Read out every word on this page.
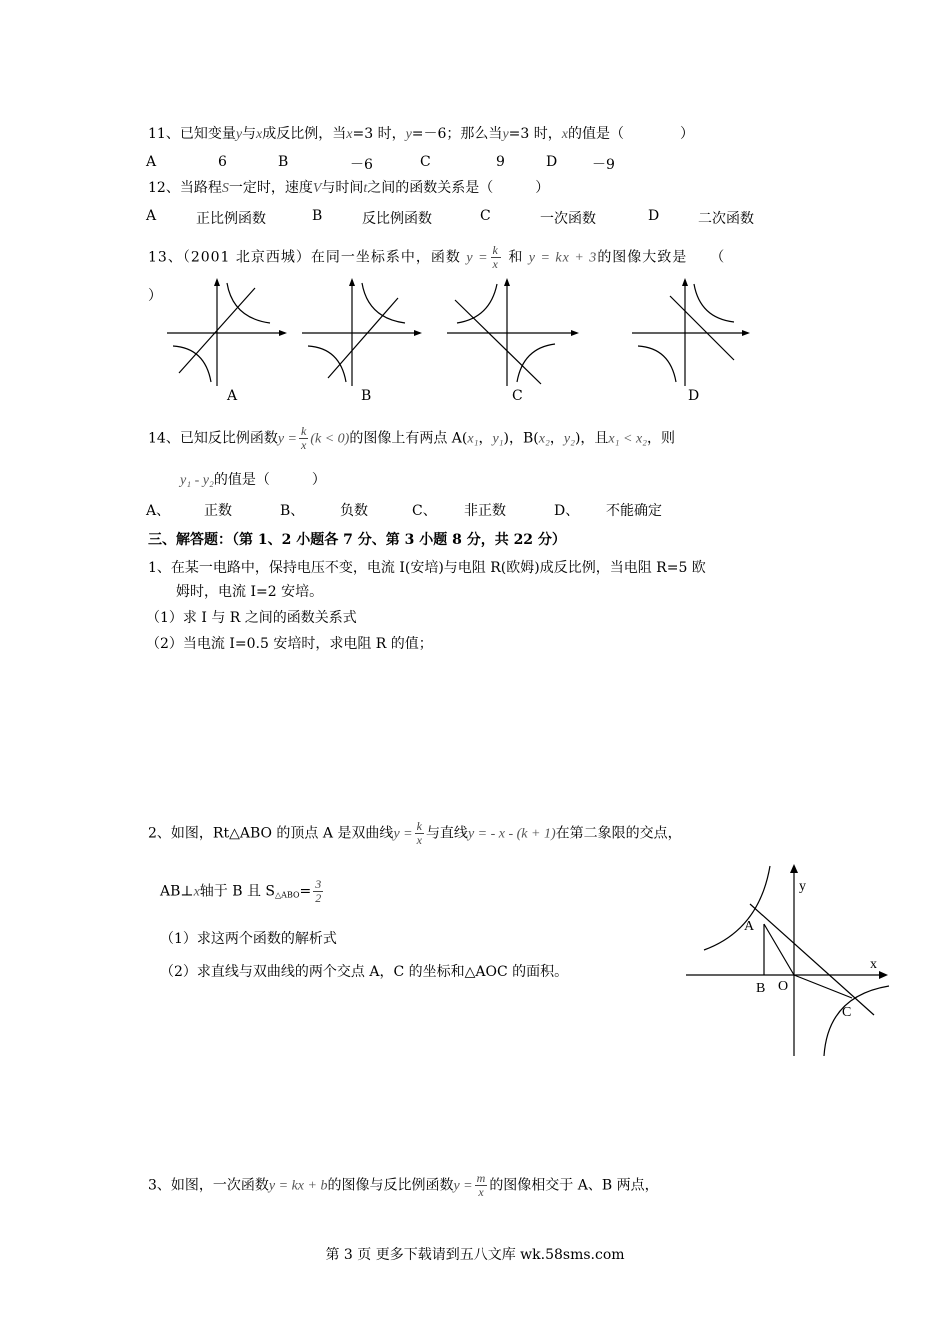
11、已知变量y与x成反比例，当x=3 时，y=－6；那么当y=3 时，x的值是（　　　　）
A	6	B	－6	C	9	D －9
12、当路程S一定时，速度V与时间t之间的函数关系是（　　　）
A	正比例函数	B	反比例函数	C	一次函数	D	二次函数
13、（2001 北京西城）在同一坐标系中，函数 $y = \frac{k}{x}$ 和 y = kx + 3的图像大致是　　（
）
A	B	C	D
14、已知反比例函数$y = \frac{k}{x} (k < 0)$的图像上有两点 A(x₁，y₁)，B(x₂，y₂)，且x₁ < x₂，则
y₁ - y₂的值是（　　　）
A、 正数	B、	负数	C、 非正数	D、 不能确定
三、解答题：（第 1、2 小题各 7 分、第 3 小题 8 分，共 22 分）
1、在某一电路中，保持电压不变，电流 I(安培)与电阻 R(欧姆)成反比例，当电阻 R=5 欧
姆时，电流 I=2 安培。
（1）求 I 与 R 之间的函数关系式
（2）当电流 I=0.5 安培时，求电阻 R 的值；
2、如图，Rt△ABO 的顶点 A 是双曲线$y = \frac{k}{x}$ 与直线y = - x - (k + 1)在第二象限的交点，
AB⊥x轴于 B 且 S△ABO= $\frac{3}{2}$
（1）求这两个函数的解析式
（2）求直线与双曲线的两个交点 A，C 的坐标和△AOC 的面积。
y
x
A
B O
C
3、如图，一次函数y = kx + b的图像与反比例函数$y = \frac{m}{x}$ 的图像相交于 A、B 两点，
第 3 页 更多下载请到五八文库 wk.58sms.com
